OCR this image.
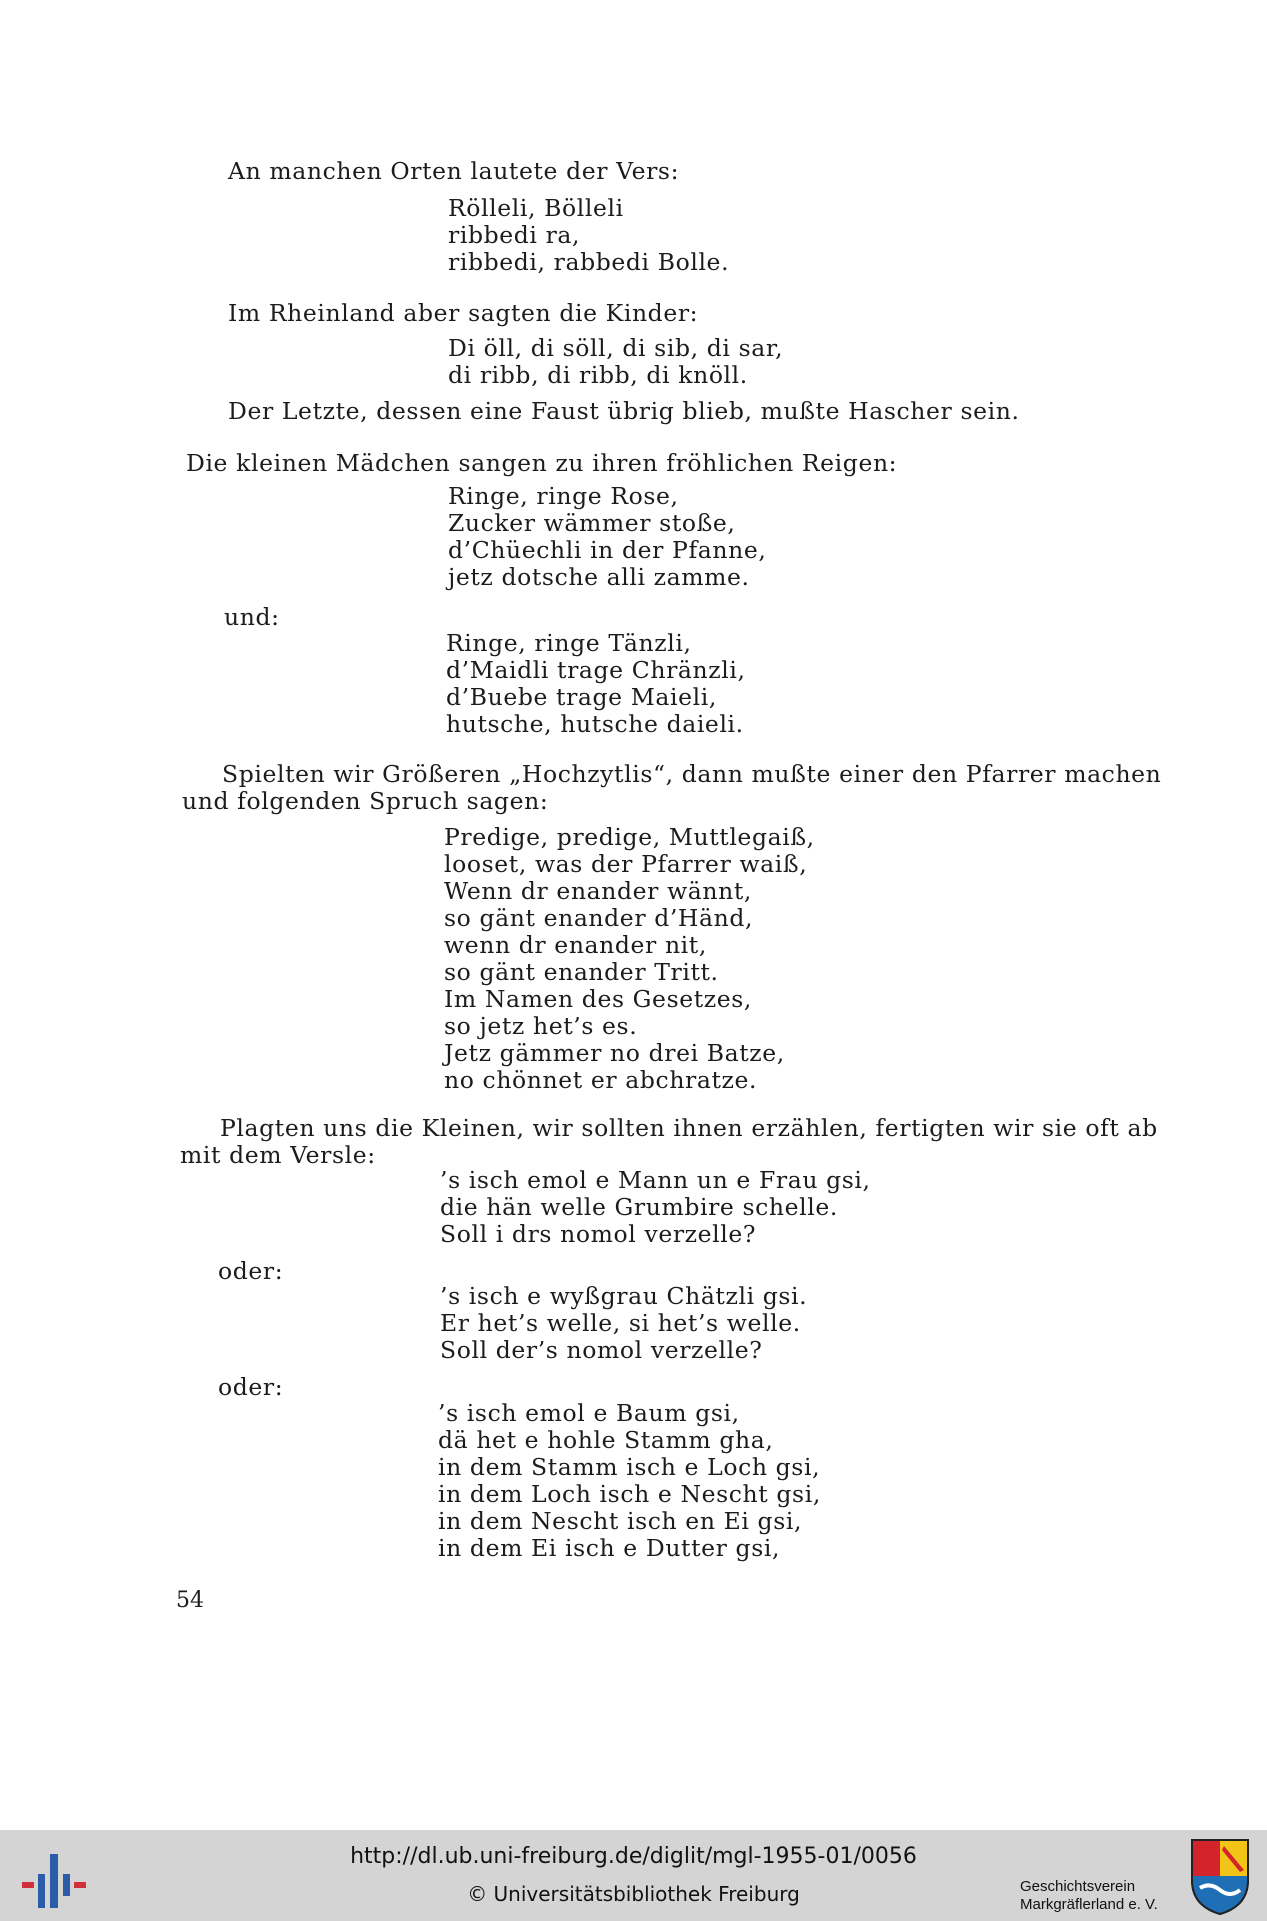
An manchen Orten lautete der Vers:
Rölleli, Bölleli
ribbedi ra,
ribbedi, rabbedi Bolle.
Im Rheinland aber sagten die Kinder:
Di öll, di söll, di sib, di sar,
di ribb, di ribb, di knöll.
Der Letzte, dessen eine Faust übrig blieb, mußte Hascher sein.
Die kleinen Mädchen sangen zu ihren fröhlichen Reigen:
Ringe, ringe Rose,
Zucker wämmer stoße,
d’Chüechli in der Pfanne,
jetz dotsche alli zamme.
und:
Ringe, ringe Tänzli,
d’Maidli trage Chränzli,
d’Buebe trage Maieli,
hutsche, hutsche daieli.
Spielten wir Größeren „Hochzytlis“, dann mußte einer den Pfarrer machen
und folgenden Spruch sagen:
Predige, predige, Muttlegaiß,
looset, was der Pfarrer waiß,
Wenn dr enander wännt,
so gänt enander d’Händ,
wenn dr enander nit,
so gänt enander Tritt.
Im Namen des Gesetzes,
so jetz het’s es.
Jetz gämmer no drei Batze,
no chönnet er abchratze.
Plagten uns die Kleinen, wir sollten ihnen erzählen, fertigten wir sie oft ab
mit dem Versle:
’s isch emol e Mann un e Frau gsi,
die hän welle Grumbire schelle.
Soll i drs nomol verzelle?
oder:
’s isch e wyßgrau Chätzli gsi.
Er het’s welle, si het’s welle.
Soll der’s nomol verzelle?
oder:
’s isch emol e Baum gsi,
dä het e hohle Stamm gha,
in dem Stamm isch e Loch gsi,
in dem Loch isch e Nescht gsi,
in dem Nescht isch en Ei gsi,
in dem Ei isch e Dutter gsi,
54
http://dl.ub.uni-freiburg.de/diglit/mgl-1955-01/0056
© Universitätsbibliothek Freiburg	Geschichtsverein
Markgräflerland e. V.
